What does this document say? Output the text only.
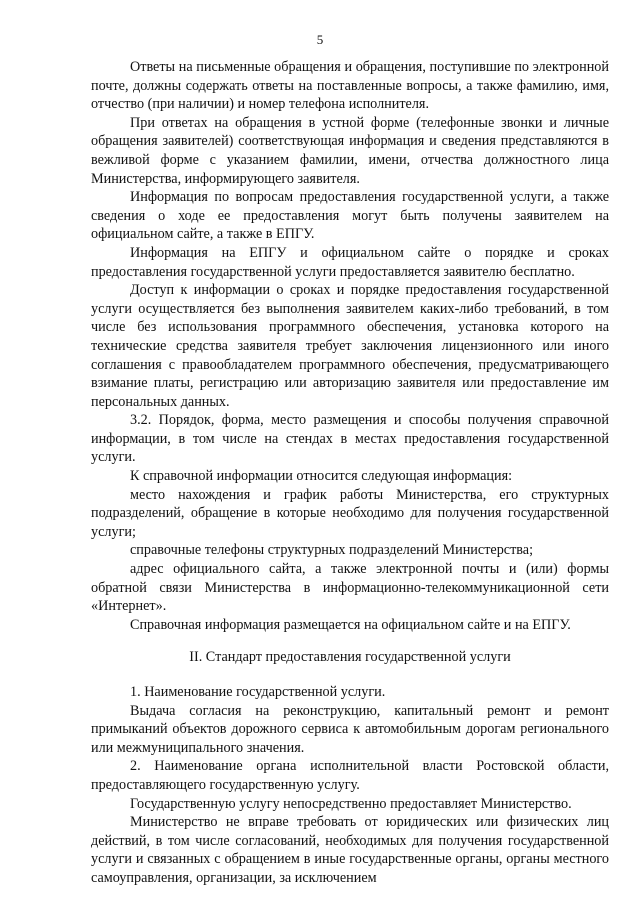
5

Ответы на письменные обращения и обращения, поступившие по электронной почте, должны содержать ответы на поставленные вопросы, а также фамилию, имя, отчество (при наличии) и номер телефона исполнителя.

При ответах на обращения в устной форме (телефонные звонки и личные обращения заявителей) соответствующая информация и сведения представляются в вежливой форме с указанием фамилии, имени, отчества должностного лица Министерства, информирующего заявителя.

Информация по вопросам предоставления государственной услуги, а также сведения о ходе ее предоставления могут быть получены заявителем на официальном сайте, а также в ЕПГУ.

Информация на ЕПГУ и официальном сайте о порядке и сроках предоставления государственной услуги предоставляется заявителю бесплатно.

Доступ к информации о сроках и порядке предоставления государственной услуги осуществляется без выполнения заявителем каких-либо требований, в том числе без использования программного обеспечения, установка которого на технические средства заявителя требует заключения лицензионного или иного соглашения с правообладателем программного обеспечения, предусматривающего взимание платы, регистрацию или авторизацию заявителя или предоставление им персональных данных.

3.2. Порядок, форма, место размещения и способы получения справочной информации, в том числе на стендах в местах предоставления государственной услуги.

К справочной информации относится следующая информация:

место нахождения и график работы Министерства, его структурных подразделений, обращение в которые необходимо для получения государственной услуги;

справочные телефоны структурных подразделений Министерства;

адрес официального сайта, а также электронной почты и (или) формы обратной связи Министерства в информационно-телекоммуникационной сети «Интернет».

Справочная информация размещается на официальном сайте и на ЕПГУ.

II. Стандарт предоставления государственной услуги

1. Наименование государственной услуги.

Выдача согласия на реконструкцию, капитальный ремонт и ремонт примыканий объектов дорожного сервиса к автомобильным дорогам регионального или межмуниципального значения.

2. Наименование органа исполнительной власти Ростовской области, предоставляющего государственную услугу.

Государственную услугу непосредственно предоставляет Министерство.

Министерство не вправе требовать от юридических или физических лиц действий, в том числе согласований, необходимых для получения государственной услуги и связанных с обращением в иные государственные органы, органы местного самоуправления, организации, за исключением
